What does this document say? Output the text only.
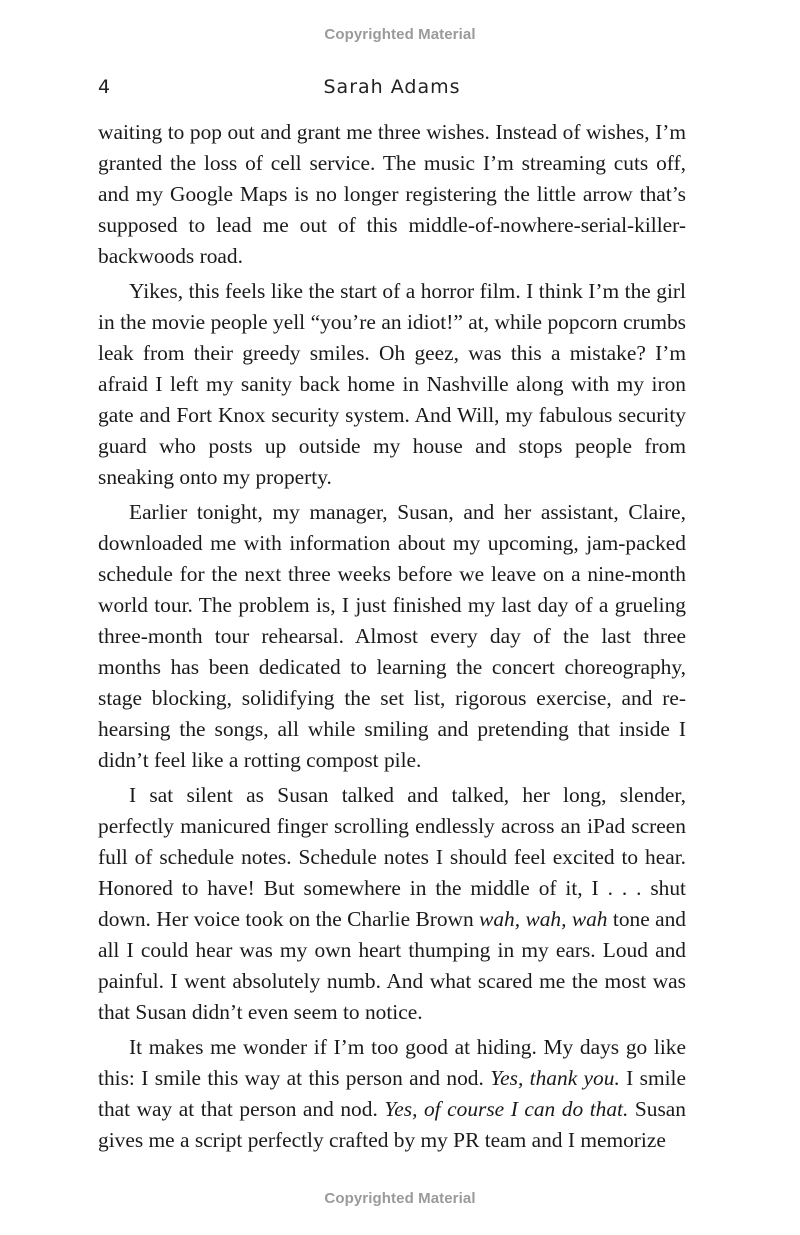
Copyrighted Material
4	Sarah Adams

waiting to pop out and grant me three wishes. Instead of wishes, I’m granted the loss of cell service. The music I’m streaming cuts off, and my Google Maps is no longer registering the little arrow that’s supposed to lead me out of this middle-of-nowhere-serial-killer-backwoods road.

Yikes, this feels like the start of a horror film. I think I’m the girl in the movie people yell “you’re an idiot!” at, while popcorn crumbs leak from their greedy smiles. Oh geez, was this a mistake? I’m afraid I left my sanity back home in Nashville along with my iron gate and Fort Knox security system. And Will, my fabulous security guard who posts up outside my house and stops people from sneaking onto my property.

Earlier tonight, my manager, Susan, and her assistant, Claire, downloaded me with information about my upcoming, jam-packed schedule for the next three weeks before we leave on a nine-month world tour. The problem is, I just finished my last day of a grueling three-month tour rehearsal. Almost every day of the last three months has been dedicated to learning the concert choreography, stage blocking, solidifying the set list, rigorous exercise, and re-hearsing the songs, all while smiling and pretending that inside I didn’t feel like a rotting compost pile.

I sat silent as Susan talked and talked, her long, slender, perfectly manicured finger scrolling endlessly across an iPad screen full of schedule notes. Schedule notes I should feel excited to hear. Honored to have! But somewhere in the middle of it, I . . . shut down. Her voice took on the Charlie Brown wah, wah, wah tone and all I could hear was my own heart thumping in my ears. Loud and painful. I went absolutely numb. And what scared me the most was that Susan didn’t even seem to notice.

It makes me wonder if I’m too good at hiding. My days go like this: I smile this way at this person and nod. Yes, thank you. I smile that way at that person and nod. Yes, of course I can do that. Susan gives me a script perfectly crafted by my PR team and I memorize

Copyrighted Material
